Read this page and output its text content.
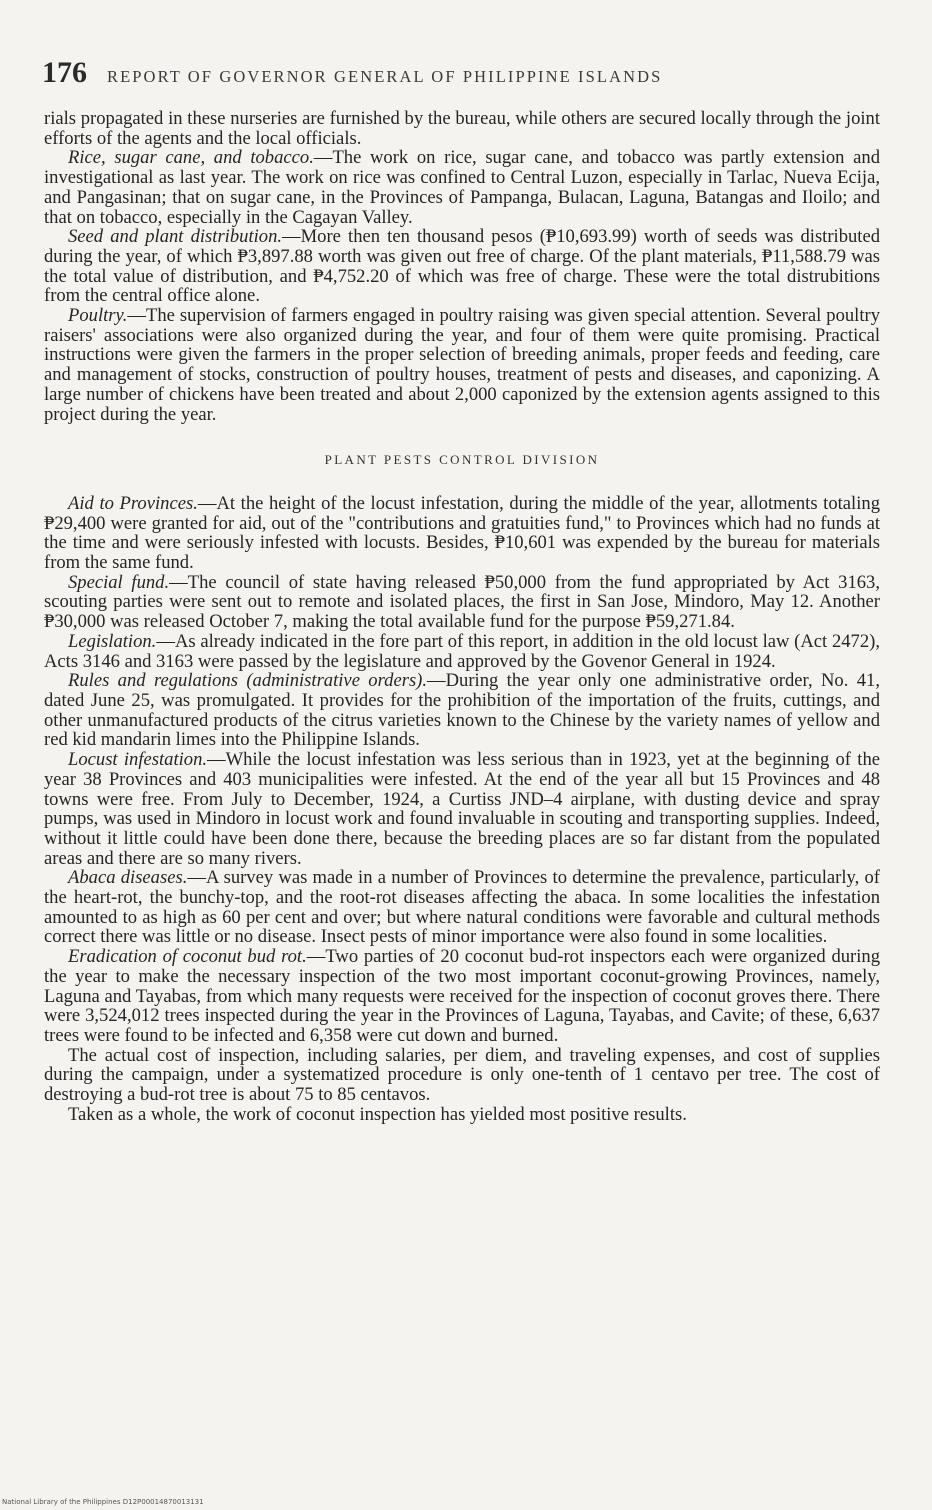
176 REPORT OF GOVERNOR GENERAL OF PHILIPPINE ISLANDS

rials propagated in these nurseries are furnished by the bureau, while others are secured locally through the joint efforts of the agents and the local officials.

Rice, sugar cane, and tobacco.—The work on rice, sugar cane, and tobacco was partly extension and investigational as last year. The work on rice was confined to Central Luzon, especially in Tarlac, Nueva Ecija, and Pangasinan; that on sugar cane, in the Provinces of Pampanga, Bulacan, Laguna, Batangas and Iloilo; and that on tobacco, especially in the Cagayan Valley.

Seed and plant distribution.—More then ten thousand pesos (₱10,693.99) worth of seeds was distributed during the year, of which ₱3,897.88 worth was given out free of charge. Of the plant materials, ₱11,588.79 was the total value of distribution, and ₱4,752.20 of which was free of charge. These were the total distrubitions from the central office alone.

Poultry.—The supervision of farmers engaged in poultry raising was given special attention. Several poultry raisers' associations were also organized during the year, and four of them were quite promising. Practical instructions were given the farmers in the proper selection of breeding animals, proper feeds and feeding, care and management of stocks, construction of poultry houses, treatment of pests and diseases, and caponizing. A large number of chickens have been treated and about 2,000 caponized by the extension agents assigned to this project during the year.

PLANT PESTS CONTROL DIVISION

Aid to Provinces.—At the height of the locust infestation, during the middle of the year, allotments totaling ₱29,400 were granted for aid, out of the "contributions and gratuities fund," to Provinces which had no funds at the time and were seriously infested with locusts. Besides, ₱10,601 was expended by the bureau for materials from the same fund.

Special fund.—The council of state having released ₱50,000 from the fund appropriated by Act 3163, scouting parties were sent out to remote and isolated places, the first in San Jose, Mindoro, May 12. Another ₱30,000 was released October 7, making the total available fund for the purpose ₱59,271.84.

Legislation.—As already indicated in the fore part of this report, in addition in the old locust law (Act 2472), Acts 3146 and 3163 were passed by the legislature and approved by the Govenor General in 1924.

Rules and regulations (administrative orders).—During the year only one administrative order, No. 41, dated June 25, was promulgated. It provides for the prohibition of the importation of the fruits, cuttings, and other unmanufactured products of the citrus varieties known to the Chinese by the variety names of yellow and red kid mandarin limes into the Philippine Islands.

Locust infestation.—While the locust infestation was less serious than in 1923, yet at the beginning of the year 38 Provinces and 403 municipalities were infested. At the end of the year all but 15 Provinces and 48 towns were free. From July to December, 1924, a Curtiss JND–4 airplane, with dusting device and spray pumps, was used in Mindoro in locust work and found invaluable in scouting and transporting supplies. Indeed, without it little could have been done there, because the breeding places are so far distant from the populated areas and there are so many rivers.

Abaca diseases.—A survey was made in a number of Provinces to determine the prevalence, particularly, of the heart-rot, the bunchy-top, and the root-rot diseases affecting the abaca. In some localities the infestation amounted to as high as 60 per cent and over; but where natural conditions were favorable and cultural methods correct there was little or no disease. Insect pests of minor importance were also found in some localities.

Eradication of coconut bud rot.—Two parties of 20 coconut bud-rot inspectors each were organized during the year to make the necessary inspection of the two most important coconut-growing Provinces, namely, Laguna and Tayabas, from which many requests were received for the inspection of coconut groves there. There were 3,524,012 trees inspected during the year in the Provinces of Laguna, Tayabas, and Cavite; of these, 6,637 trees were found to be infected and 6,358 were cut down and burned.

The actual cost of inspection, including salaries, per diem, and traveling expenses, and cost of supplies during the campaign, under a systematized procedure is only one-tenth of 1 centavo per tree. The cost of destroying a bud-rot tree is about 75 to 85 centavos.

Taken as a whole, the work of coconut inspection has yielded most positive results.

National Library of the Philippines D12P00014870013131
